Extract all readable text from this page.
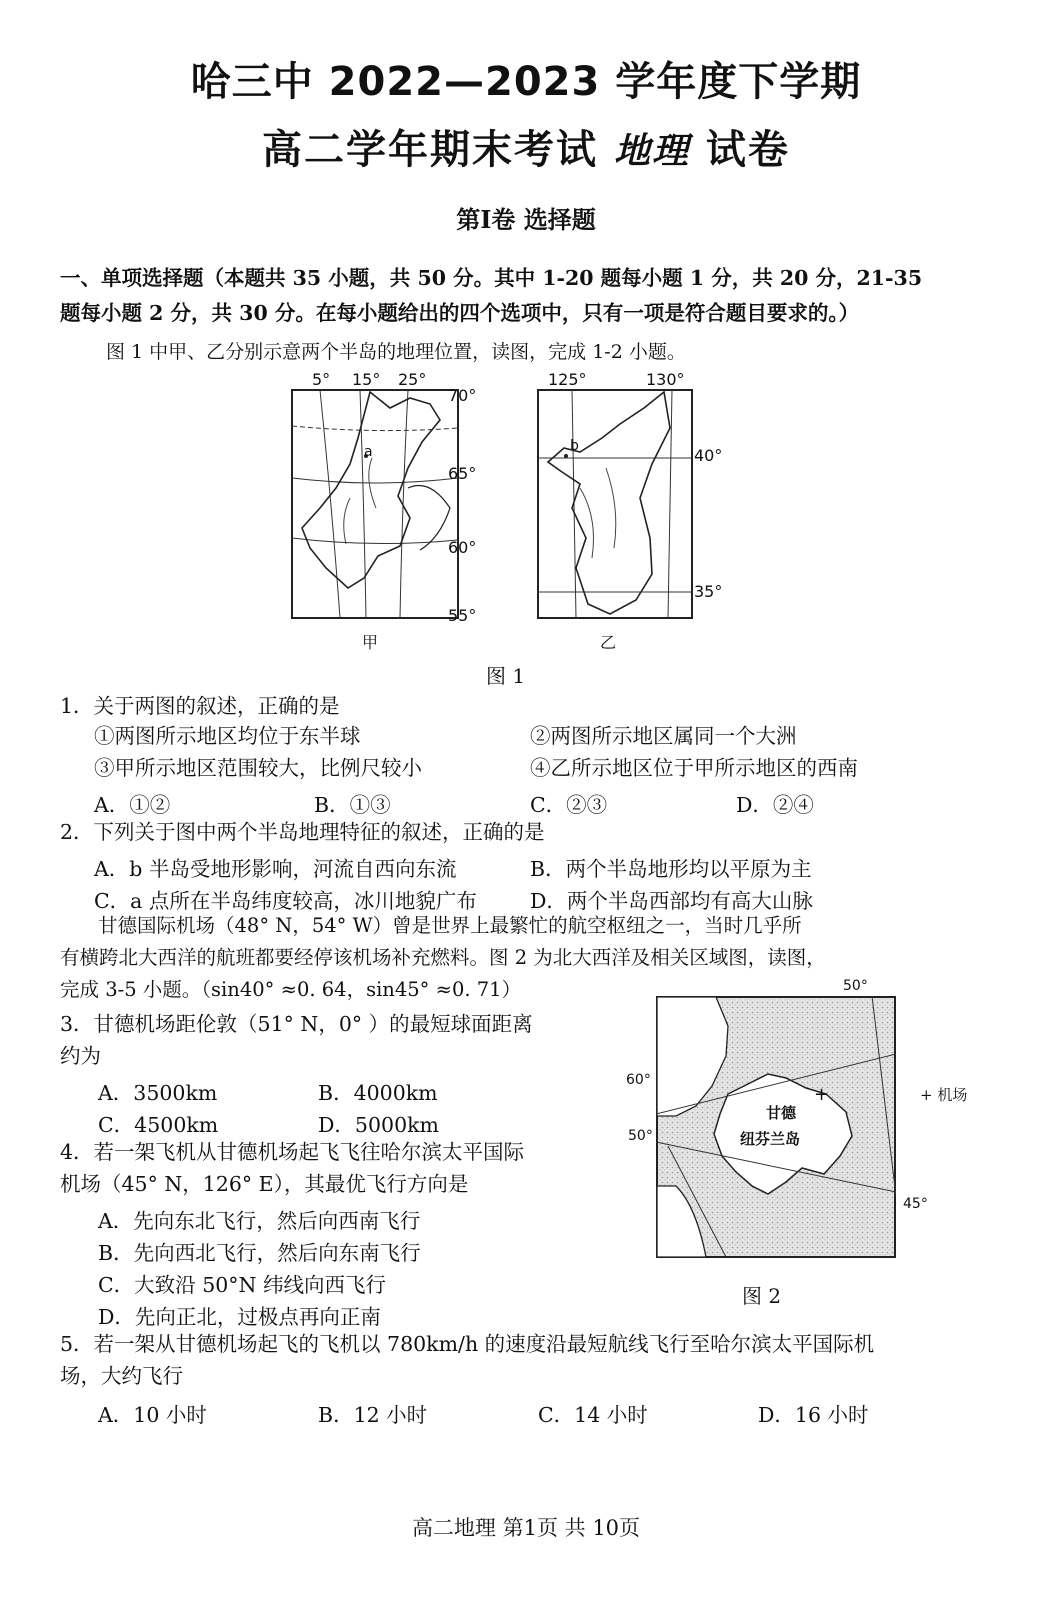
哈三中 2022—2023 学年度下学期
高二学年期末考试 地理 试卷
第Ⅰ卷 选择题
一、单项选择题（本题共 35 小题，共 50 分。其中 1-20 题每小题 1 分，共 20 分，21-35
题每小题 2 分，共 30 分。在每小题给出的四个选项中，只有一项是符合题目要求的。）
图 1 中甲、乙分别示意两个半岛的地理位置，读图，完成 1-2 小题。
5° 15° 25°
70°
65°
60°
55°
a
甲
125°	130°
40°
35°
b
乙
图 1
1．关于两图的叙述，正确的是
①两图所示地区均位于东半球	②两图所示地区属同一个大洲
③甲所示地区范围较大，比例尺较小	④乙所示地区位于甲所示地区的西南
A．①②	B．①③	C．②③	D．②④
2．下列关于图中两个半岛地理特征的叙述，正确的是
A．b 半岛受地形影响，河流自西向东流	B．两个半岛地形均以平原为主
C．a 点所在半岛纬度较高，冰川地貌广布	D．两个半岛西部均有高大山脉
甘德国际机场（48° N，54° W）曾是世界上最繁忙的航空枢纽之一，当时几乎所
有横跨北大西洋的航班都要经停该机场补充燃料。图 2 为北大西洋及相关区域图，读图，
完成 3-5 小题。（sin40° ≈0. 64，sin45° ≈0. 71）
3．甘德机场距伦敦（51° N，0° ）的最短球面距离
约为
A．3500km	B．4000km
C．4500km	D．5000km
4．若一架飞机从甘德机场起飞飞往哈尔滨太平国际
机场（45° N，126° E），其最优飞行方向是
A．先向东北飞行，然后向西南飞行
B．先向西北飞行，然后向东南飞行
C．大致沿 50°N 纬线向西飞行
D．先向正北，过极点再向正南
+
50°
60°
50°
45°
甘德
纽芬兰岛
+ 机场
图 2
5．若一架从甘德机场起飞的飞机以 780km/h 的速度沿最短航线飞行至哈尔滨太平国际机
场，大约飞行
A．10 小时	B．12 小时	C．14 小时	D．16 小时
高二地理 第1页 共 10页
